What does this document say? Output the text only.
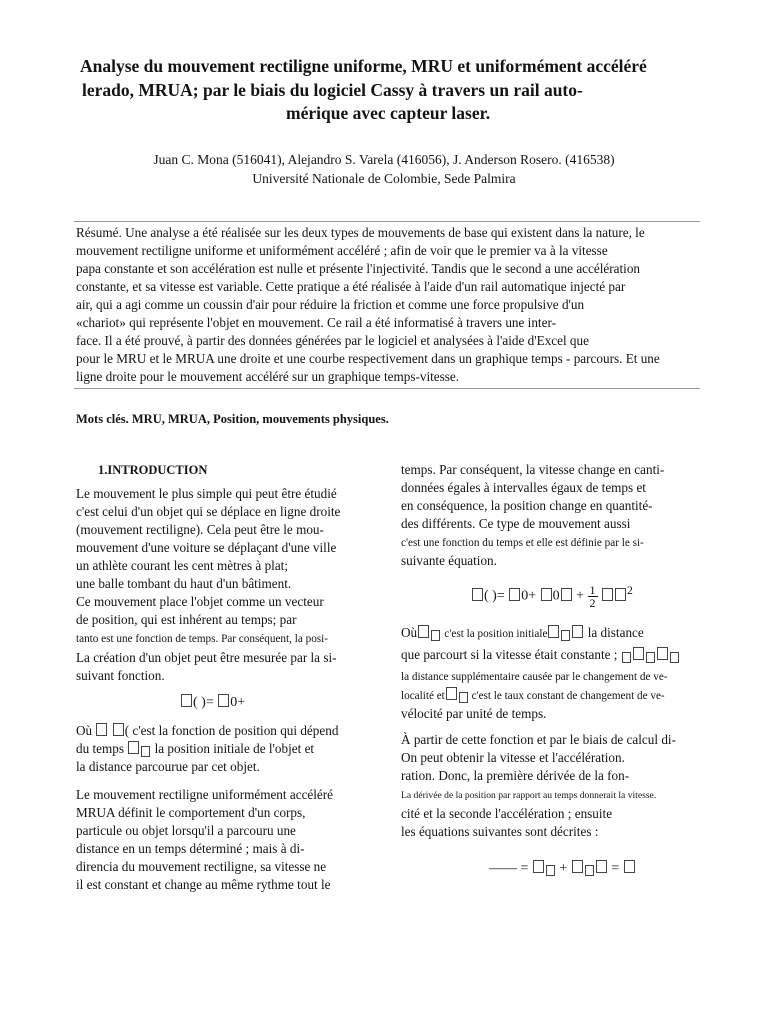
Analyse du mouvement rectiligne uniforme, MRU et uniformément accéléré
lerado, MRUA; par le biais du logiciel Cassy à travers un rail auto-
mérique avec capteur laser.
Juan C. Mona (516041), Alejandro S. Varela (416056), J. Anderson Rosero. (416538)
Université Nationale de Colombie, Sede Palmira
Résumé. Une analyse a été réalisée sur les deux types de mouvements de base qui existent dans la nature, le
mouvement rectiligne uniforme et uniformément accéléré ; afin de voir que le premier va à la vitesse
papa constante et son accélération est nulle et présente l'injectivité. Tandis que le second a une accélération
constante, et sa vitesse est variable. Cette pratique a été réalisée à l'aide d'un rail automatique injecté par
air, qui a agi comme un coussin d'air pour réduire la friction et comme une force propulsive d'un
«chariot» qui représente l'objet en mouvement. Ce rail a été informatisé à travers une inter-
face. Il a été prouvé, à partir des données générées par le logiciel et analysées à l'aide d'Excel que
pour le MRU et le MRUA une droite et une courbe respectivement dans un graphique temps - parcours. Et une
ligne droite pour le mouvement accéléré sur un graphique temps-vitesse.
Mots clés. MRU, MRUA, Position, mouvements physiques.
1.INTRODUCTION
Le mouvement le plus simple qui peut être étudié
c'est celui d'un objet qui se déplace en ligne droite
(mouvement rectiligne). Cela peut être le mou-
mouvement d'une voiture se déplaçant d'une ville
un athlète courant les cent mètres à plat;
une balle tombant du haut d'un bâtiment.
Ce mouvement place l'objet comme un vecteur
de position, qui est inhérent au temps; par
tanto est une fonction de temps. Par conséquent, la posi-
La création d'un objet peut être mesurée par la si-
suivant fonction.
( )= 0+
Où ( c'est la fonction de position qui dépend
du temps la position initiale de l'objet et
la distance parcourue par cet objet.
Le mouvement rectiligne uniformément accéléré
MRUA définit le comportement d'un corps,
particule ou objet lorsqu'il a parcouru une
distance en un temps déterminé ; mais à di-
direncia du mouvement rectiligne, sa vitesse ne
il est constant et change au même rythme tout le
temps. Par conséquent, la vitesse change en canti-
données égales à intervalles égaux de temps et
en conséquence, la position change en quantité-
des différents. Ce type de mouvement aussi
c'est une fonction du temps et elle est définie par le si-
suivante équation.
( )= $0+ 0 + \frac{1}{2}$	$^2$
Où c'est la position initiale	la distance
que parcourt si la vitesse était constante ;
la distance supplémentaire causée par le changement de ve-
localité et c'est le taux constant de changement de ve-
vélocité par unité de temps.
À partir de cette fonction et par le biais de calcul di-
On peut obtenir la vitesse et l'accélération.
ration. Donc, la première dérivée de la fon-
La dérivée de la position par rapport au temps donnerait la vitesse.
cité et la seconde l'accélération ; ensuite
les équations suivantes sont décrites :
—— = +	=
